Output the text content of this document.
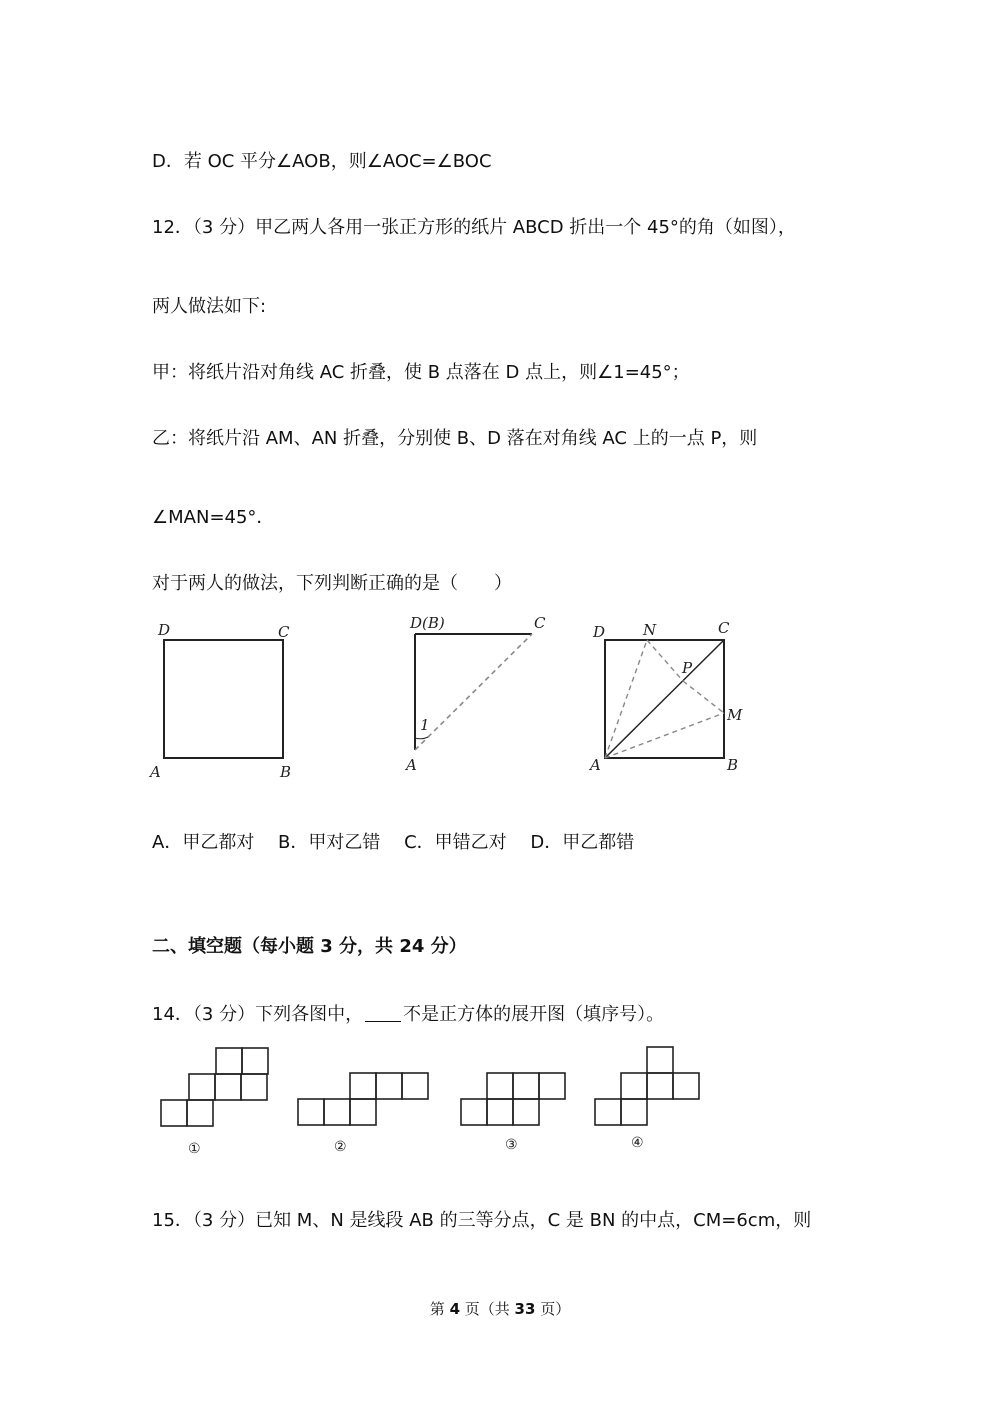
D．若 OC 平分∠AOB，则∠AOC=∠BOC
12．（3 分）甲乙两人各用一张正方形的纸片 ABCD 折出一个 45°的角（如图），
两人做法如下:
甲：将纸片沿对角线 AC 折叠，使 B 点落在 D 点上，则∠1=45°；
乙：将纸片沿 AM、AN 折叠，分别使 B、D 落在对角线 AC 上的一点 P，则
∠MAN=45°．
对于两人的做法，下列判断正确的是（　　）
D	C
A	B
D(B)	C
1
A
D	N	C
P
M
A	B
A．甲乙都对　 B．甲对乙错　 C．甲错乙对　 D．甲乙都错
二、填空题（每小题 3 分，共 24 分）
14．（3 分）下列各图中， 不是正方体的展开图（填序号）。
①	②	③	④
15．（3 分）已知 M、N 是线段 AB 的三等分点，C 是 BN 的中点，CM=6cm，则
第 4 页（共 33 页）
